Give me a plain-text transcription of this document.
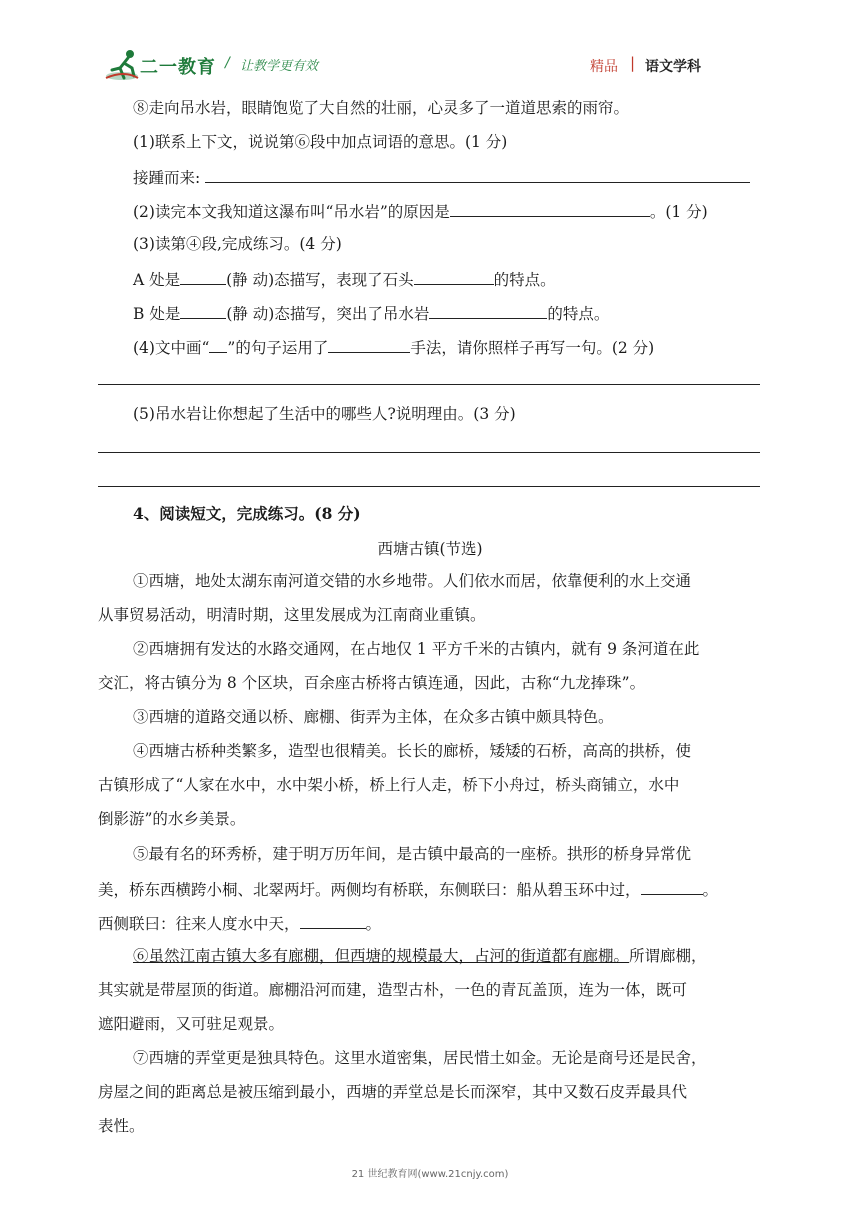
二一教育 / 让教学更有效	精品 | 语文学科
⑧走向吊水岩，眼睛饱览了大自然的壮丽，心灵多了一道道思索的雨帘。
(1)联系上下文，说说第⑥段中加点词语的意思。(1 分)
接踵而来:
(2)读完本文我知道这瀑布叫“吊水岩”的原因是	。(1 分)
(3)读第④段,完成练习。(4 分)
A 处是	(静 动)态描写，表现了石头	的特点。
B 处是	(静 动)态描写，突出了吊水岩	的特点。
(4)文中画“ ”的句子运用了	手法，请你照样子再写一句。(2 分)
(5)吊水岩让你想起了生活中的哪些人?说明理由。(3 分)
4、阅读短文，完成练习。(8 分)
西塘古镇(节选)
①西塘，地处太湖东南河道交错的水乡地带。人们依水而居，依靠便利的水上交通
从事贸易活动，明清时期，这里发展成为江南商业重镇。
②西塘拥有发达的水路交通网，在占地仅 1 平方千米的古镇内，就有 9 条河道在此
交汇，将古镇分为 8 个区块，百余座古桥将古镇连通，因此，古称“九龙捧珠”。
③西塘的道路交通以桥、廊棚、街弄为主体，在众多古镇中颇具特色。
④西塘古桥种类繁多，造型也很精美。长长的廊桥，矮矮的石桥，高高的拱桥，使
古镇形成了“人家在水中，水中架小桥，桥上行人走，桥下小舟过，桥头商铺立，水中
倒影游”的水乡美景。
⑤最有名的环秀桥，建于明万历年间，是古镇中最高的一座桥。拱形的桥身异常优
美，桥东西横跨小桐、北翠两圩。两侧均有桥联，东侧联曰：船从碧玉环中过，	。
西侧联曰：往来人度水中天，	。
⑥虽然江南古镇大多有廊棚，但西塘的规模最大，占河的街道都有廊棚。所谓廊棚，
其实就是带屋顶的街道。廊棚沿河而建，造型古朴，一色的青瓦盖顶，连为一体，既可
遮阳避雨，又可驻足观景。
⑦西塘的弄堂更是独具特色。这里水道密集，居民惜土如金。无论是商号还是民舍，
房屋之间的距离总是被压缩到最小，西塘的弄堂总是长而深窄，其中又数石皮弄最具代
表性。
21 世纪教育网(www.21cnjy.com)
